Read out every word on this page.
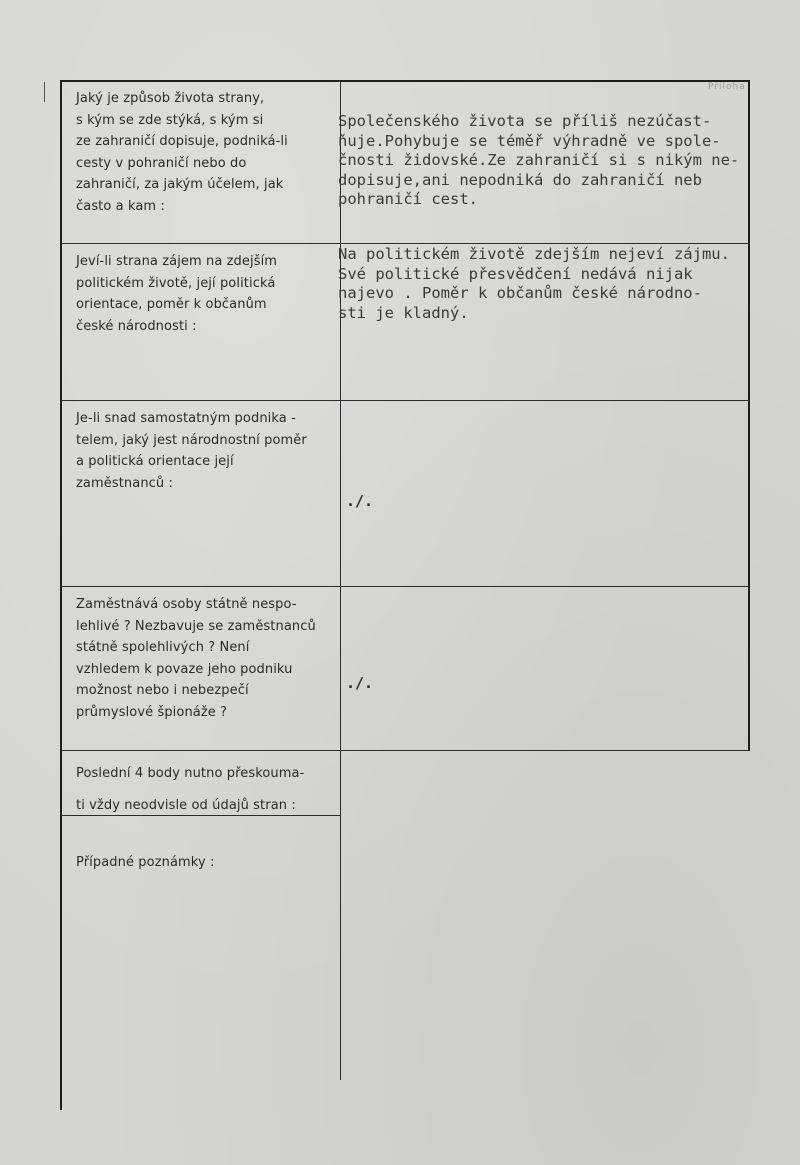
Příloha
Jaký je způsob života strany,
s kým se zde stýká, s kým si
ze zahraničí dopisuje, podniká-li
cesty v pohraničí nebo do
zahraničí, za jakým účelem, jak
často a kam :
Společenského života se příliš nezúčast-
ňuje.Pohybuje se téměř výhradně ve spole-
čnosti židovské.Ze zahraničí si s nikým ne-
dopisuje,ani nepodniká do zahraničí neb
pohraničí cest.
Jeví-li strana zájem na zdejším
politickém životě, její politická
orientace, poměr k občanům
české národnosti :
Na politickém životě zdejším nejeví zájmu.
Své politické přesvědčení nedává nijak
najevo . Poměr k občanům české národno-
sti je kladný.
Je-li snad samostatným podnika -
telem, jaký jest národnostní poměr
a politická orientace její
zaměstnanců :
./.
Zaměstnává osoby státně nespo-
lehlivé ? Nezbavuje se zaměstnanců
státně spolehlivých ? Není
vzhledem k povaze jeho podniku
možnost nebo i nebezpečí
průmyslové špionáže ?
./.
Poslední 4 body nutno přeskouma-
ti vždy neodvisle od údajů stran :
Případné poznámky :
